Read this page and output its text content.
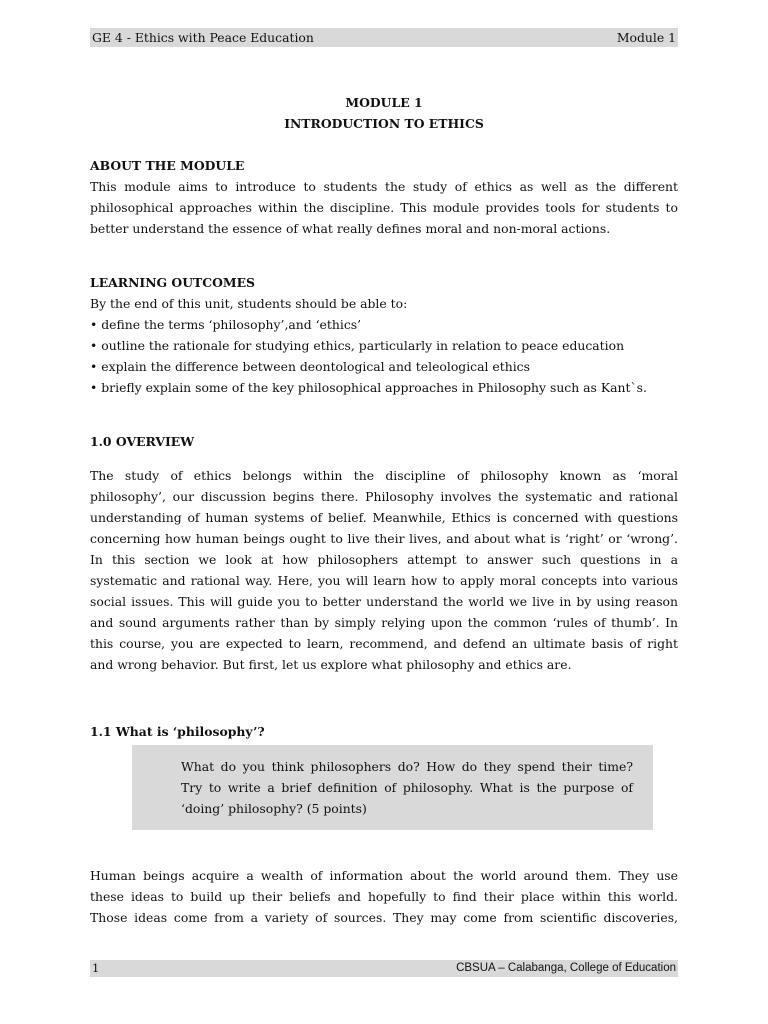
GE 4 - Ethics with Peace Education	Module 1
MODULE 1
INTRODUCTION TO ETHICS
ABOUT THE MODULE
This module aims to introduce to students the study of ethics as well as the different
philosophical approaches within the discipline. This module provides tools for students to
better understand the essence of what really defines moral and non-moral actions.
LEARNING OUTCOMES
By the end of this unit, students should be able to:
• define the terms ‘philosophy’,and ‘ethics’
• outline the rationale for studying ethics, particularly in relation to peace education
• explain the difference between deontological and teleological ethics
• briefly explain some of the key philosophical approaches in Philosophy such as Kant`s.
1.0 OVERVIEW
The study of ethics belongs within the discipline of philosophy known as ‘moral
philosophy’, our discussion begins there. Philosophy involves the systematic and rational
understanding of human systems of belief. Meanwhile, Ethics is concerned with questions
concerning how human beings ought to live their lives, and about what is ‘right’ or ‘wrong’.
In this section we look at how philosophers attempt to answer such questions in a
systematic and rational way. Here, you will learn how to apply moral concepts into various
social issues. This will guide you to better understand the world we live in by using reason
and sound arguments rather than by simply relying upon the common ‘rules of thumb’. In
this course, you are expected to learn, recommend, and defend an ultimate basis of right
and wrong behavior. But first, let us explore what philosophy and ethics are.
1.1 What is ‘philosophy’?
What do you think philosophers do? How do they spend their time?
Try to write a brief definition of philosophy. What is the purpose of
‘doing’ philosophy? (5 points)
Human beings acquire a wealth of information about the world around them. They use
these ideas to build up their beliefs and hopefully to find their place within this world.
Those ideas come from a variety of sources. They may come from scientific discoveries,
1	CBSUA – Calabanga, College of Education
